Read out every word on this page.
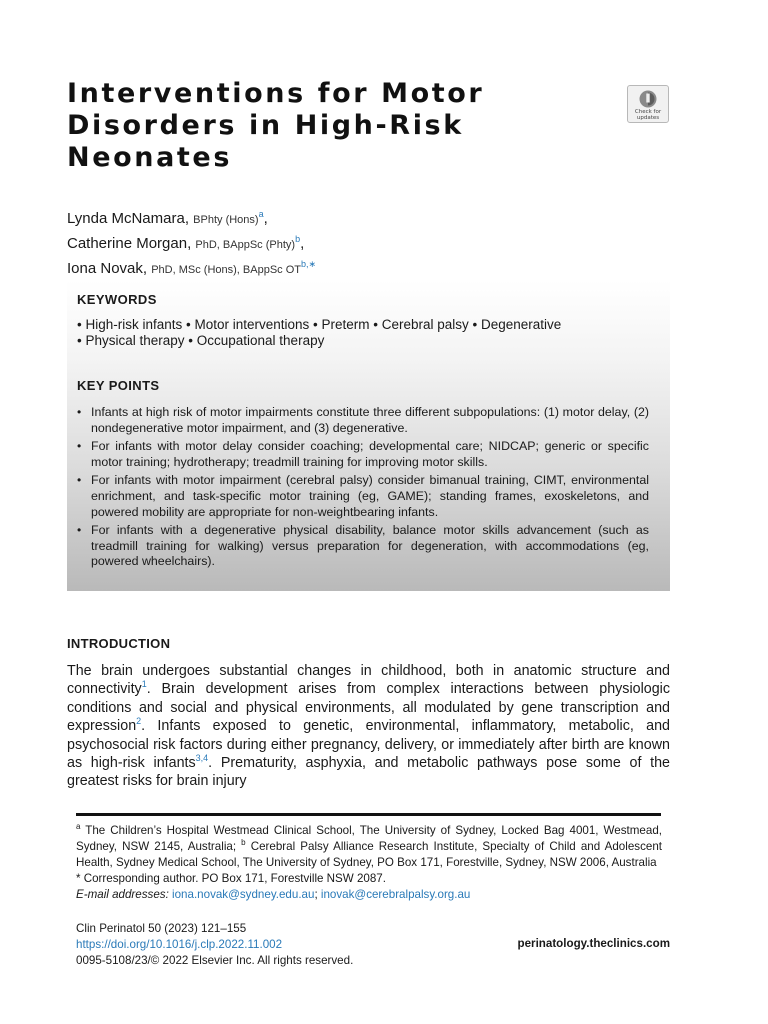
Interventions for Motor
Disorders in High-Risk
Neonates
Check for
updates
Lynda McNamara, BPhty (Hons)$^a$,
Catherine Morgan, PhD, BAppSc (Phty)$^b$,
Iona Novak, PhD, MSc (Hons), BAppSc $OT^{b,∗}$
KEYWORDS
• High-risk infants • Motor interventions • Preterm • Cerebral palsy • Degenerative
• Physical therapy • Occupational therapy
KEY POINTS
• Infants at high risk of motor impairments constitute three different subpopulations: (1) motor delay, (2) nondegenerative motor impairment, and (3) degenerative.
• For infants with motor delay consider coaching; developmental care; NIDCAP; generic or specific motor training; hydrotherapy; treadmill training for improving motor skills.
• For infants with motor impairment (cerebral palsy) consider bimanual training, CIMT, environmental enrichment, and task-specific motor training (eg, GAME); standing frames, exoskeletons, and powered mobility are appropriate for non-weightbearing infants.
• For infants with a degenerative physical disability, balance motor skills advancement (such as treadmill training for walking) versus preparation for degeneration, with accommodations (eg, powered wheelchairs).
INTRODUCTION

The brain undergoes substantial changes in childhood, both in anatomic structure and connectivity$^1$. Brain development arises from complex interactions between physiologic conditions and social and physical environments, all modulated by gene transcription and expression$^2$. Infants exposed to genetic, environmental, inflammatory, metabolic, and psychosocial risk factors during either pregnancy, delivery, or immediately after birth are known as high-risk infants$^{3,4}$. Prematurity, asphyxia, and metabolic pathways pose some of the greatest risks for brain injury

$^a$ The Children’s Hospital Westmead Clinical School, The University of Sydney, Locked Bag 4001, Westmead, Sydney, NSW 2145, Australia; $^b$ Cerebral Palsy Alliance Research Institute, Specialty of Child and Adolescent Health, Sydney Medical School, The University of Sydney, PO Box 171, Forestville, Sydney, NSW 2006, Australia

* Corresponding author. PO Box 171, Forestville NSW 2087.

E-mail addresses: iona.novak@sydney.edu.au; inovak@cerebralpalsy.org.au

Clin Perinatol 50 (2023) 121–155
https://doi.org/10.1016/j.clp.2022.11.002
0095-5108/23/© 2022 Elsevier Inc. All rights reserved.
perinatology.theclinics.com
